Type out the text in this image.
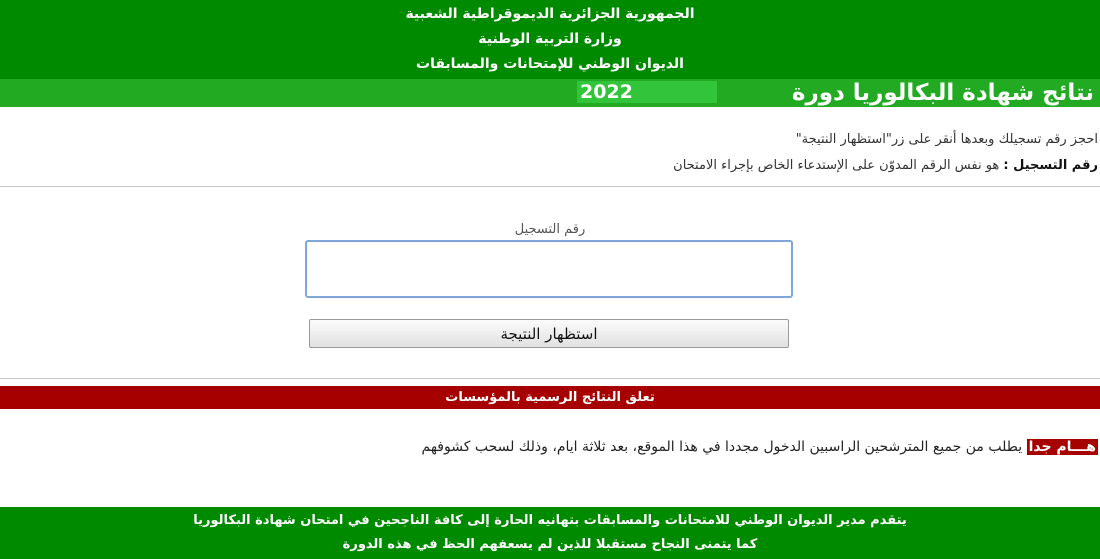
الجمهورية الجزائرية الديموقراطية الشعبية
وزارة التربية الوطنية
الديوان الوطني للإمتحانات والمسابقات
نتائج شهادة البكالوريا دورة
2022
احجز رقم تسجيلك وبعدها أنقر على زر"استظهار النتيجة"
رقم التسجيل : هو نفس الرقم المدوّن على الإستدعاء الخاص بإجراء الامتحان
رقم التسجيل
استظهار النتيجة
تعلق النتائج الرسمية بالمؤسسات
هـــام جدا يطلب من جميع المترشحين الراسبين الدخول مجددا في هذا الموقع، بعد ثلاثة ايام، وذلك لسحب كشوفهم
يتقدم مدير الديوان الوطني للامتحانات والمسابقات بتهانيه الحارة إلى كافة الناجحين في امتحان شهادة البكالوريا
كما يتمنى النجاح مستقبلا للذين لم يسعفهم الحظ في هذه الدورة
